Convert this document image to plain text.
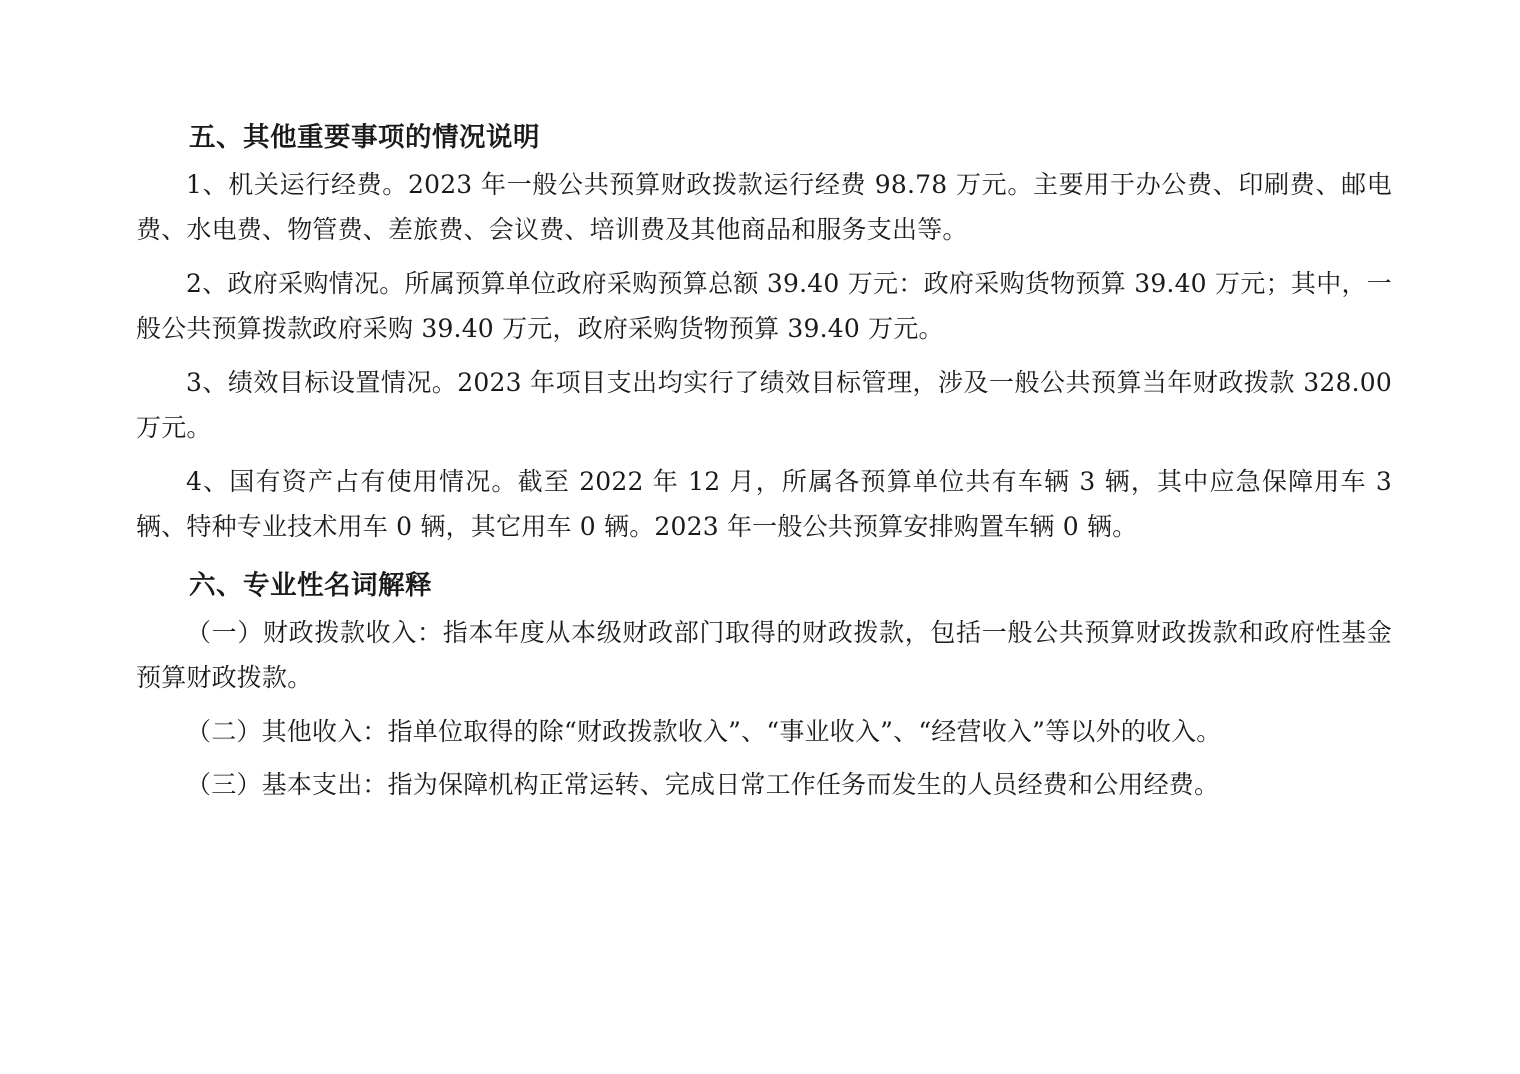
五、其他重要事项的情况说明

1、机关运行经费。2023 年一般公共预算财政拨款运行经费 98.78 万元。主要用于办公费、印刷费、邮电费、水电费、物管费、差旅费、会议费、培训费及其他商品和服务支出等。

2、政府采购情况。所属预算单位政府采购预算总额 39.40 万元：政府采购货物预算 39.40 万元；其中，一般公共预算拨款政府采购 39.40 万元，政府采购货物预算 39.40 万元。

3、绩效目标设置情况。2023 年项目支出均实行了绩效目标管理，涉及一般公共预算当年财政拨款 328.00 万元。

4、国有资产占有使用情况。截至 2022 年 12 月，所属各预算单位共有车辆 3 辆，其中应急保障用车 3 辆、特种专业技术用车 0 辆，其它用车 0 辆。2023 年一般公共预算安排购置车辆 0 辆。

六、专业性名词解释

（一）财政拨款收入：指本年度从本级财政部门取得的财政拨款，包括一般公共预算财政拨款和政府性基金预算财政拨款。

（二）其他收入：指单位取得的除“财政拨款收入”、“事业收入”、“经营收入”等以外的收入。

（三）基本支出：指为保障机构正常运转、完成日常工作任务而发生的人员经费和公用经费。
